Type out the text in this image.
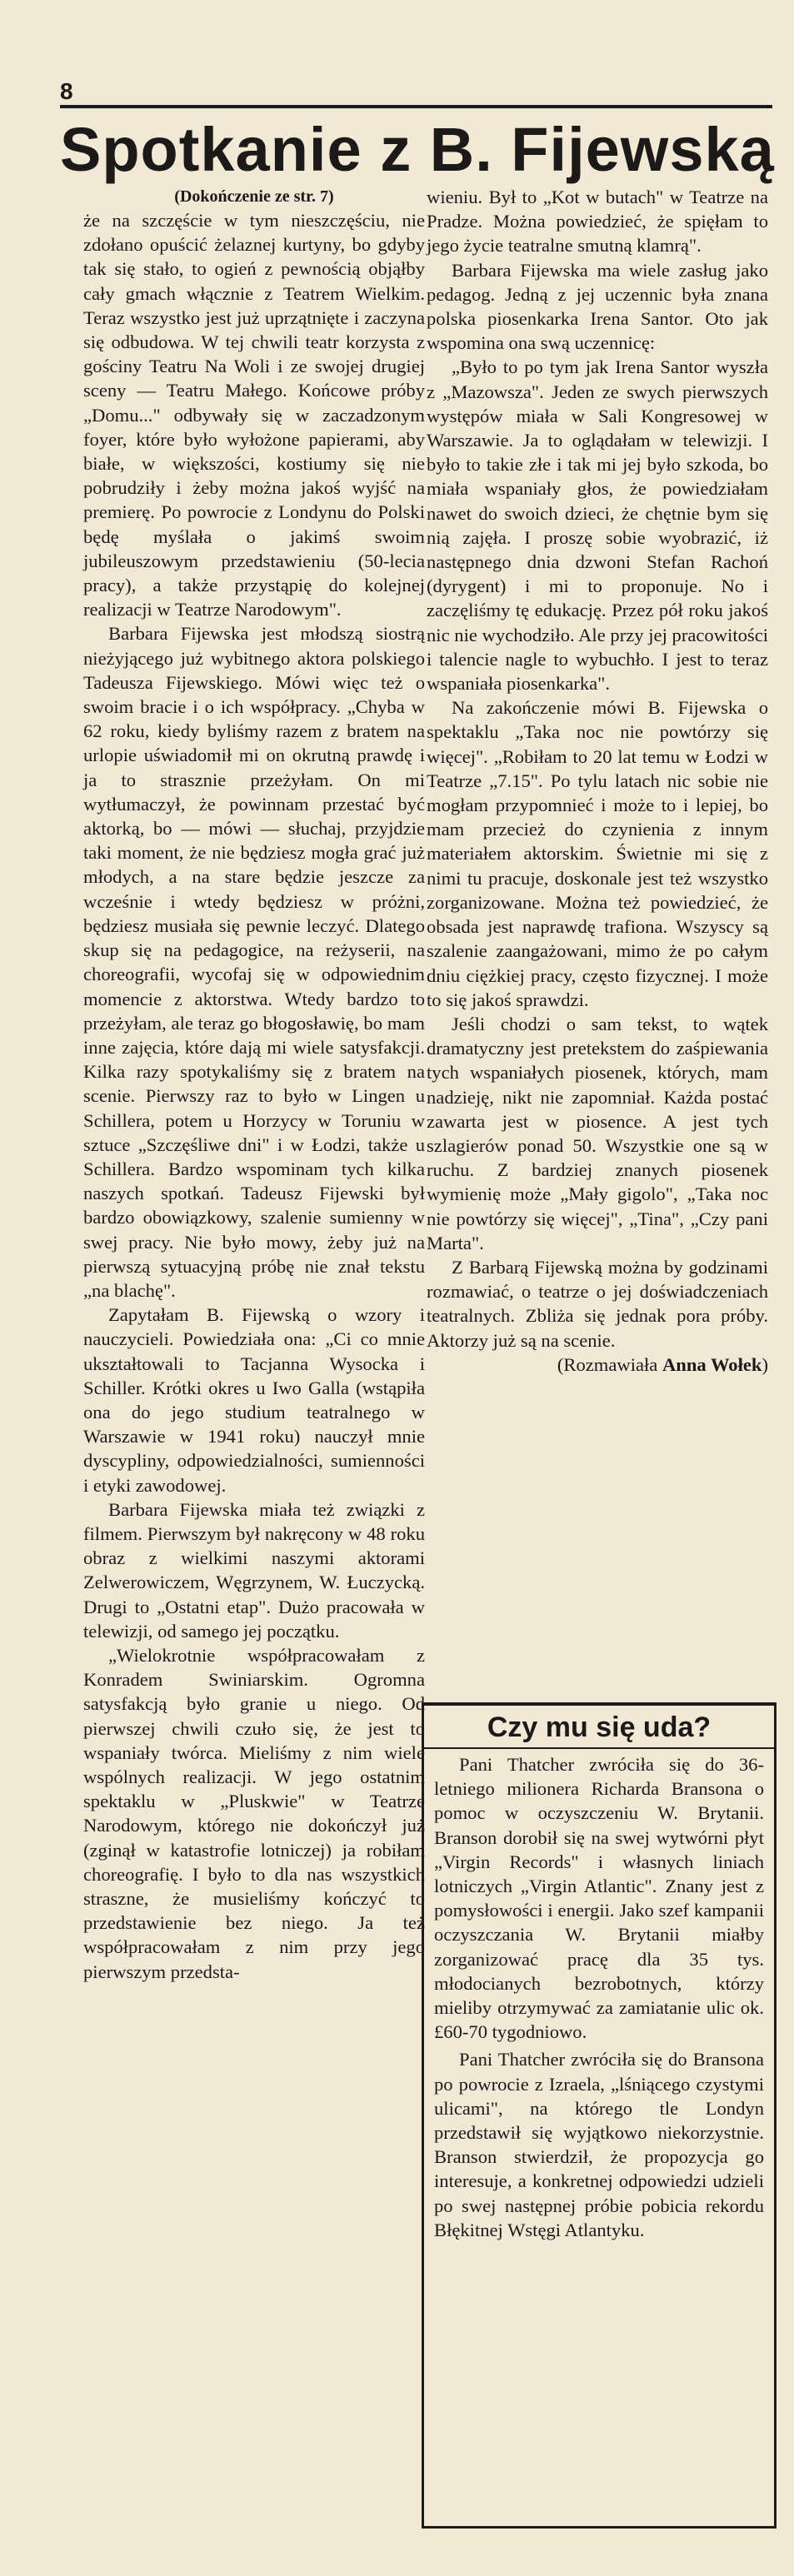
8
Spotkanie z B. Fijewską

(Dokończenie ze str. 7)

że na szczęście w tym nieszczęściu, nie zdołano opuścić żelaznej kurtyny, bo gdyby tak się stało, to ogień z pewnością objąłby cały gmach włącznie z Teatrem Wielkim. Teraz wszystko jest już uprzątnięte i zaczyna się odbudowa. W tej chwili teatr korzysta z gościny Teatru Na Woli i ze swojej drugiej sceny — Teatru Małego. Końcowe próby „Domu..." odbywały się w zaczadzonym foyer, które było wyłożone papierami, aby białe, w większości, kostiumy się nie pobrudziły i żeby można jakoś wyjść na premierę. Po powrocie z Londynu do Polski będę myślała o jakimś swoim jubileuszowym przedstawieniu (50-lecia pracy), a także przystąpię do kolejnej realizacji w Teatrze Narodowym".

Barbara Fijewska jest młodszą siostrą nieżyjącego już wybitnego aktora polskiego Tadeusza Fijewskiego. Mówi więc też o swoim bracie i o ich współpracy. „Chyba w 62 roku, kiedy byliśmy razem z bratem na urlopie uświadomił mi on okrutną prawdę i ja to strasznie przeżyłam. On mi wytłumaczył, że powinnam przestać być aktorką, bo — mówi — słuchaj, przyjdzie taki moment, że nie będziesz mogła grać już młodych, a na stare będzie jeszcze za wcześnie i wtedy będziesz w próżni, będziesz musiała się pewnie leczyć. Dlatego skup się na pedagogice, na reżyserii, na choreografii, wycofaj się w odpowiednim momencie z aktorstwa. Wtedy bardzo to przeżyłam, ale teraz go błogosławię, bo mam inne zajęcia, które dają mi wiele satysfakcji. Kilka razy spotykaliśmy się z bratem na scenie. Pierwszy raz to było w Lingen u Schillera, potem u Horzycy w Toruniu w sztuce „Szczęśliwe dni" i w Łodzi, także u Schillera. Bardzo wspominam tych kilka naszych spotkań. Tadeusz Fijewski był bardzo obowiązkowy, szalenie sumienny w swej pracy. Nie było mowy, żeby już na pierwszą sytuacyjną próbę nie znał tekstu „na blachę".

Zapytałam B. Fijewską o wzory i nauczycieli. Powiedziała ona: „Ci co mnie ukształtowali to Tacjanna Wysocka i Schiller. Krótki okres u Iwo Galla (wstąpiła ona do jego studium teatralnego w Warszawie w 1941 roku) nauczył mnie dyscypliny, odpowiedzialności, sumienności i etyki zawodowej.

Barbara Fijewska miała też związki z filmem. Pierwszym był nakręcony w 48 roku obraz z wielkimi naszymi aktorami Zelwerowiczem, Węgrzynem, W. Łuczycką. Drugi to „Ostatni etap". Dużo pracowała w telewizji, od samego jej początku.

„Wielokrotnie współpracowałam z Konradem Swiniarskim. Ogromna satysfakcją było granie u niego. Od pierwszej chwili czuło się, że jest to wspaniały twórca. Mieliśmy z nim wiele wspólnych realizacji. W jego ostatnim spektaklu w „Pluskwie" w Teatrze Narodowym, którego nie dokończył już (zginął w katastrofie lotniczej) ja robiłam choreografię. I było to dla nas wszystkich straszne, że musieliśmy kończyć to przedstawienie bez niego. Ja też współpracowałam z nim przy jego pierwszym przedsta-

wieniu. Był to „Kot w butach" w Teatrze na Pradze. Można powiedzieć, że spięłam to jego życie teatralne smutną klamrą".

Barbara Fijewska ma wiele zasług jako pedagog. Jedną z jej uczennic była znana polska piosenkarka Irena Santor. Oto jak wspomina ona swą uczennicę:

„Było to po tym jak Irena Santor wyszła z „Mazowsza". Jeden ze swych pierwszych występów miała w Sali Kongresowej w Warszawie. Ja to oglądałam w telewizji. I było to takie złe i tak mi jej było szkoda, bo miała wspaniały głos, że powiedziałam nawet do swoich dzieci, że chętnie bym się nią zajęła. I proszę sobie wyobrazić, iż następnego dnia dzwoni Stefan Rachoń (dyrygent) i mi to proponuje. No i zaczęliśmy tę edukację. Przez pół roku jakoś nic nie wychodziło. Ale przy jej pracowitości i talencie nagle to wybuchło. I jest to teraz wspaniała piosenkarka".

Na zakończenie mówi B. Fijewska o spektaklu „Taka noc nie powtórzy się więcej". „Robiłam to 20 lat temu w Łodzi w Teatrze „7.15". Po tylu latach nic sobie nie mogłam przypomnieć i może to i lepiej, bo mam przecież do czynienia z innym materiałem aktorskim. Świetnie mi się z nimi tu pracuje, doskonale jest też wszystko zorganizowane. Można też powiedzieć, że obsada jest naprawdę trafiona. Wszyscy są szalenie zaangażowani, mimo że po całym dniu ciężkiej pracy, często fizycznej. I może to się jakoś sprawdzi.

Jeśli chodzi o sam tekst, to wątek dramatyczny jest pretekstem do zaśpiewania tych wspaniałych piosenek, których, mam nadzieję, nikt nie zapomniał. Każda postać zawarta jest w piosence. A jest tych szlagierów ponad 50. Wszystkie one są w ruchu. Z bardziej znanych piosenek wymienię może „Mały gigolo", „Taka noc nie powtórzy się więcej", „Tina", „Czy pani Marta".

Z Barbarą Fijewską można by godzinami rozmawiać, o teatrze o jej doświadczeniach teatralnych. Zbliża się jednak pora próby. Aktorzy już są na scenie.

(Rozmawiała Anna Wołek)

Czy mu się uda?

Pani Thatcher zwróciła się do 36-letniego milionera Richarda Bransona o pomoc w oczyszczeniu W. Brytanii. Branson dorobił się na swej wytwórni płyt „Virgin Records" i własnych liniach lotniczych „Virgin Atlantic". Znany jest z pomysłowości i energii. Jako szef kampanii oczyszczania W. Brytanii miałby zorganizować pracę dla 35 tys. młodocianych bezrobotnych, którzy mieliby otrzymywać za zamiatanie ulic ok. £60-70 tygodniowo.

Pani Thatcher zwróciła się do Bransona po powrocie z Izraela, „lśniącego czystymi ulicami", na którego tle Londyn przedstawił się wyjątkowo niekorzystnie. Branson stwierdził, że propozycja go interesuje, a konkretnej odpowiedzi udzieli po swej następnej próbie pobicia rekordu Błękitnej Wstęgi Atlantyku.
